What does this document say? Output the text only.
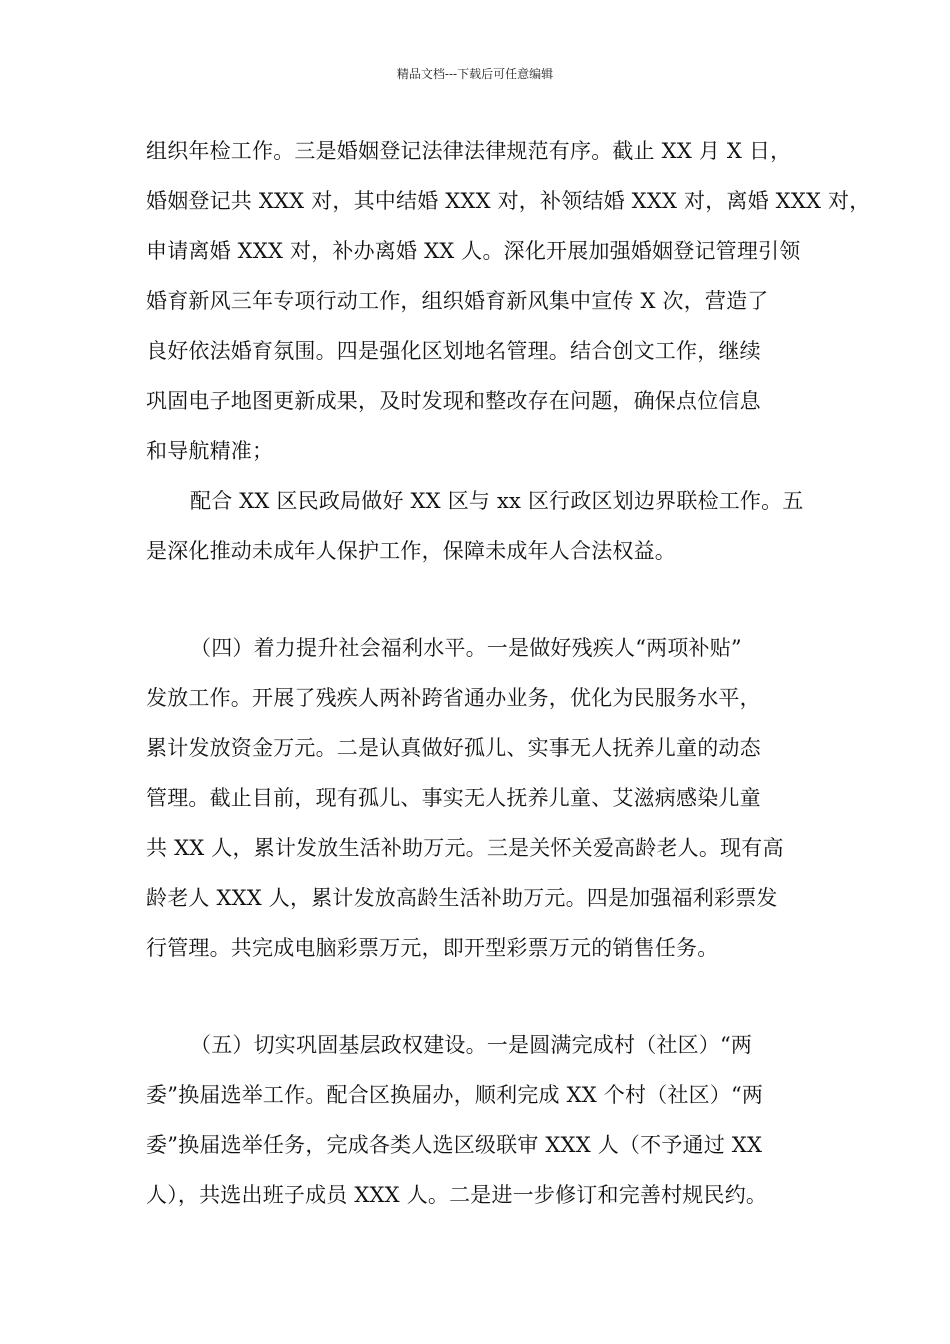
精品文档---下载后可任意编辑
组织年检工作。三是婚姻登记法律法律规范有序。截止 XX 月 X 日，
婚姻登记共 XXX 对，其中结婚 XXX 对，补领结婚 XXX 对，离婚 XXX 对，
申请离婚 XXX 对，补办离婚 XX 人。深化开展加强婚姻登记管理引领
婚育新风三年专项行动工作，组织婚育新风集中宣传 X 次，营造了
良好依法婚育氛围。四是强化区划地名管理。结合创文工作，继续
巩固电子地图更新成果，及时发现和整改存在问题，确保点位信息
和导航精准；
配合 XX 区民政局做好 XX 区与 xx 区行政区划边界联检工作。五
是深化推动未成年人保护工作，保障未成年人合法权益。
（四）着力提升社会福利水平。一是做好残疾人“两项补贴”
发放工作。开展了残疾人两补跨省通办业务，优化为民服务水平，
累计发放资金万元。二是认真做好孤儿、实事无人抚养儿童的动态
管理。截止目前，现有孤儿、事实无人抚养儿童、艾滋病感染儿童
共 XX 人，累计发放生活补助万元。三是关怀关爱高龄老人。现有高
龄老人 XXX 人，累计发放高龄生活补助万元。四是加强福利彩票发
行管理。共完成电脑彩票万元，即开型彩票万元的销售任务。
（五）切实巩固基层政权建设。一是圆满完成村（社区）“两
委”换届选举工作。配合区换届办，顺利完成 XX 个村（社区）“两
委”换届选举任务，完成各类人选区级联审 XXX 人（不予通过 XX
人），共选出班子成员 XXX 人。二是进一步修订和完善村规民约。
